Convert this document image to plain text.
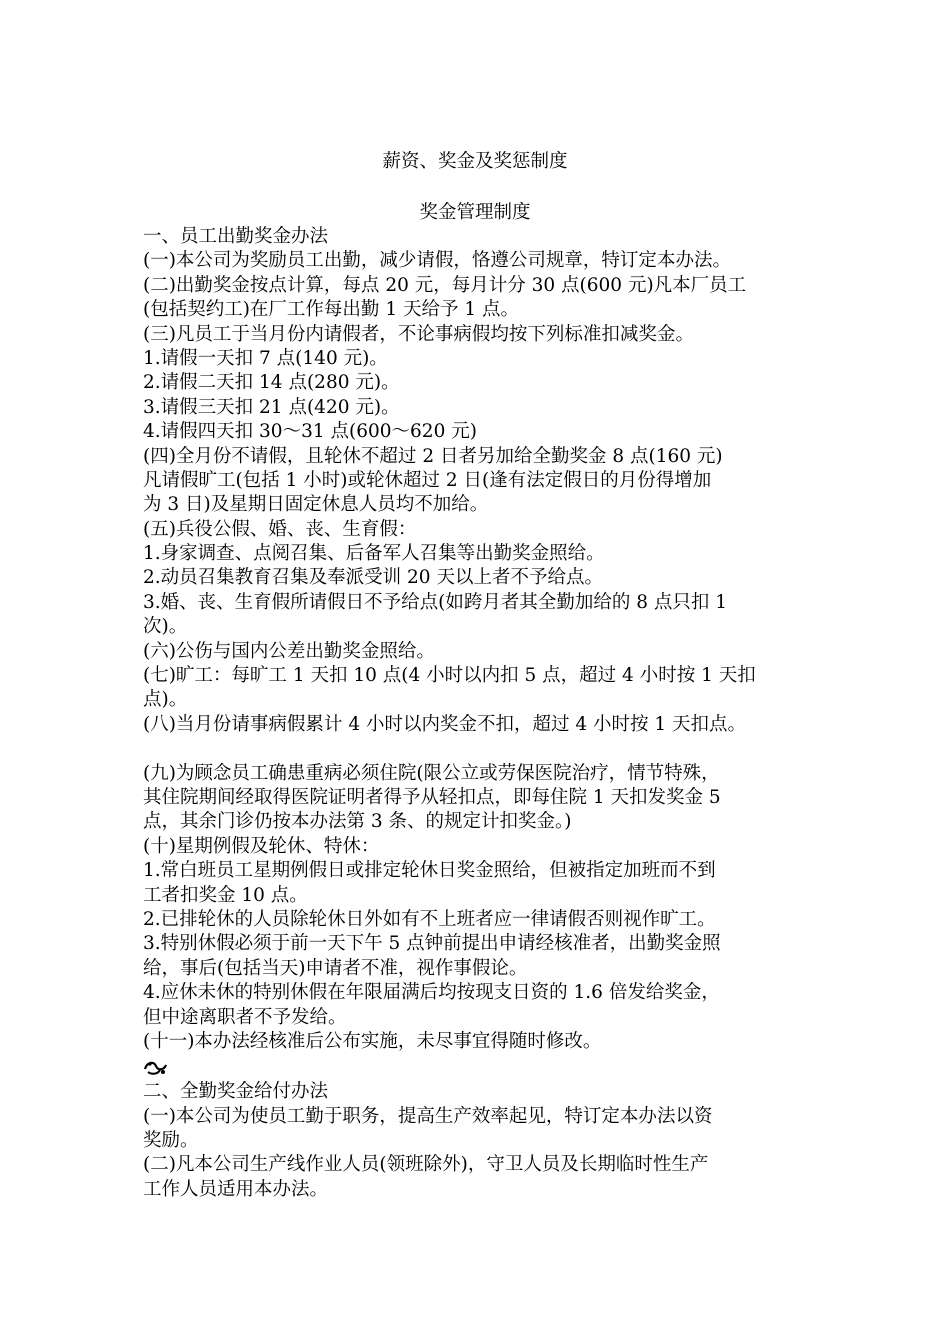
薪资、奖金及奖惩制度
奖金管理制度
一、员工出勤奖金办法
(一)本公司为奖励员工出勤，减少请假，恪遵公司规章，特订定本办法。
(二)出勤奖金按点计算，每点 20 元，每月计分 30 点(600 元)凡本厂员工
(包括契约工)在厂工作每出勤 1 天给予 1 点。
(三)凡员工于当月份内请假者，不论事病假均按下列标准扣减奖金。
1.请假一天扣 7 点(140 元)。
2.请假二天扣 14 点(280 元)。
3.请假三天扣 21 点(420 元)。
4.请假四天扣 30～31 点(600～620 元)
(四)全月份不请假，且轮休不超过 2 日者另加给全勤奖金 8 点(160 元)
凡请假旷工(包括 1 小时)或轮休超过 2 日(逢有法定假日的月份得增加
为 3 日)及星期日固定休息人员均不加给。
(五)兵役公假、婚、丧、生育假：
1.身家调查、点阅召集、后备军人召集等出勤奖金照给。
2.动员召集教育召集及奉派受训 20 天以上者不予给点。
3.婚、丧、生育假所请假日不予给点(如跨月者其全勤加给的 8 点只扣 1
次)。
(六)公伤与国内公差出勤奖金照给。
(七)旷工：每旷工 1 天扣 10 点(4 小时以内扣 5 点，超过 4 小时按 1 天扣
点)。
(八)当月份请事病假累计 4 小时以内奖金不扣，超过 4 小时按 1 天扣点。
(九)为顾念员工确患重病必须住院(限公立或劳保医院治疗，情节特殊，
其住院期间经取得医院证明者得予从轻扣点，即每住院 1 天扣发奖金 5
点，其余门诊仍按本办法第 3 条、的规定计扣奖金。)
(十)星期例假及轮休、特休：
1.常白班员工星期例假日或排定轮休日奖金照给，但被指定加班而不到
工者扣奖金 10 点。
2.已排轮休的人员除轮休日外如有不上班者应一律请假否则视作旷工。
3.特别休假必须于前一天下午 5 点钟前提出申请经核准者，出勤奖金照
给，事后(包括当天)申请者不准，视作事假论。
4.应休未休的特别休假在年限届满后均按现支日资的 1.6 倍发给奖金，
但中途离职者不予发给。
(十一)本办法经核准后公布实施，未尽事宜得随时修改。
二、全勤奖金给付办法
(一)本公司为使员工勤于职务，提高生产效率起见，特订定本办法以资
奖励。
(二)凡本公司生产线作业人员(领班除外)，守卫人员及长期临时性生产
工作人员适用本办法。
